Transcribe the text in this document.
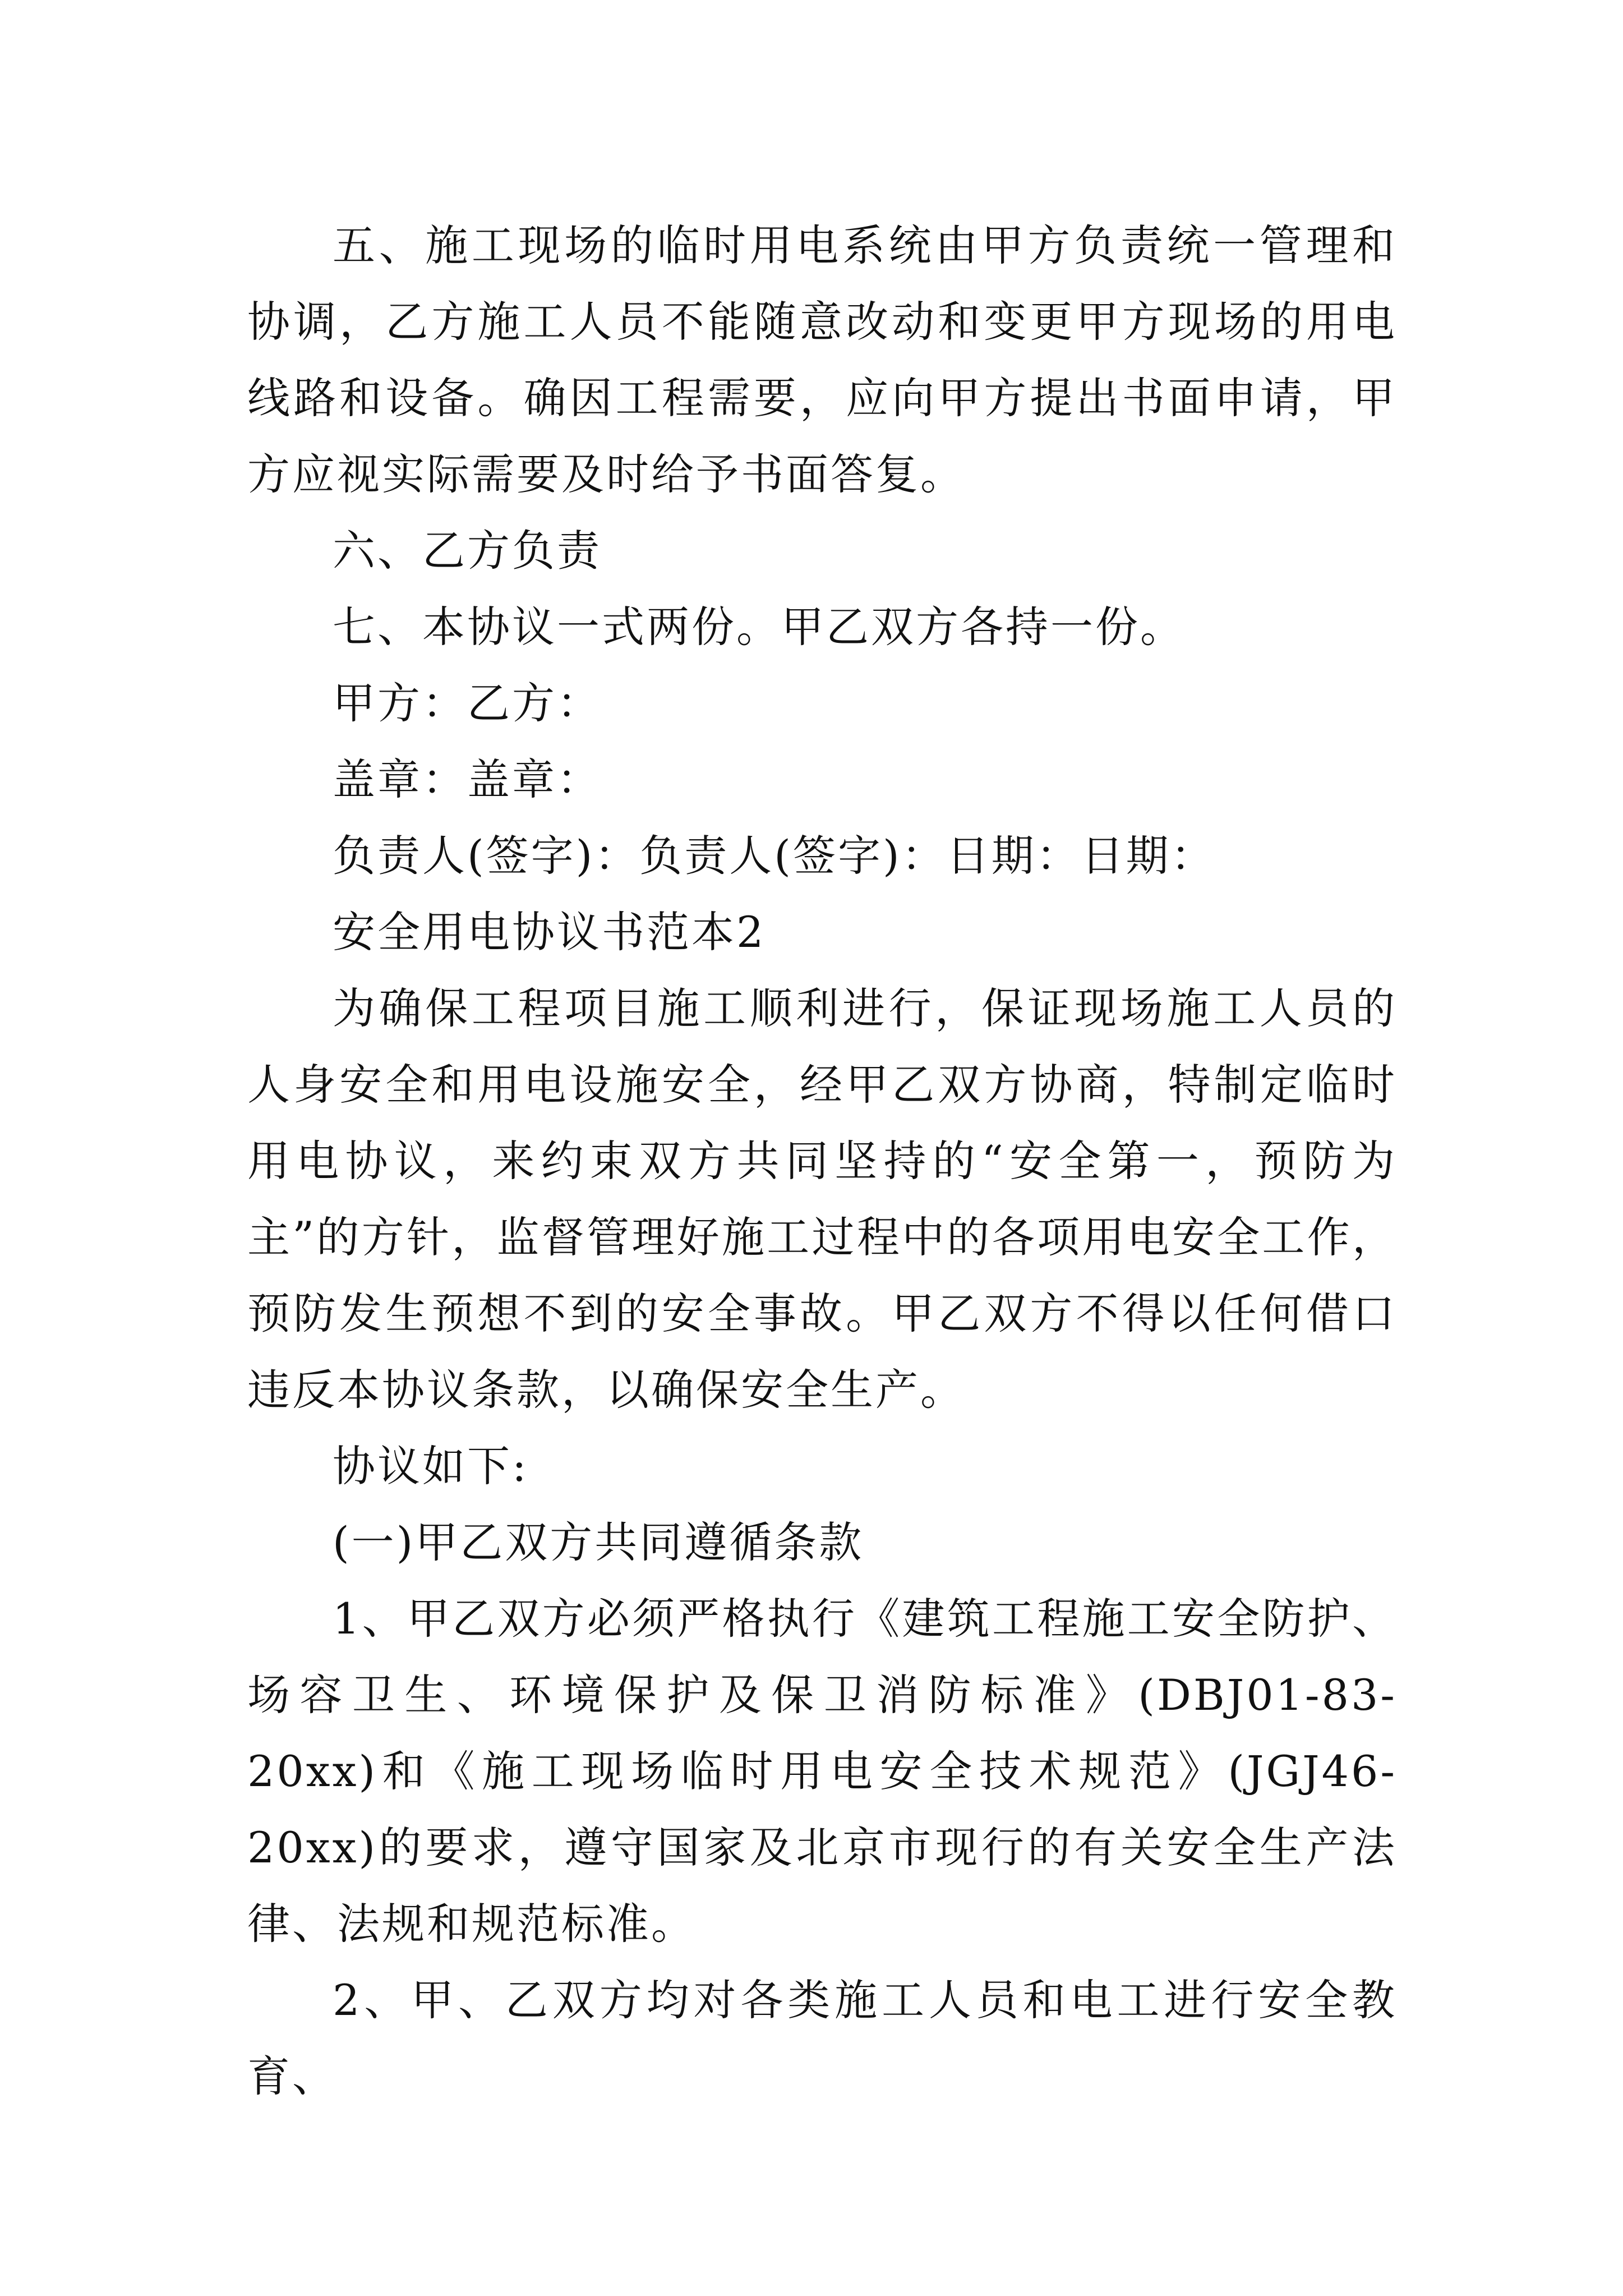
五、施工现场的临时用电系统由甲方负责统一管理和协调，乙方施工人员不能随意改动和变更甲方现场的用电线路和设备。确因工程需要，应向甲方提出书面申请，甲方应视实际需要及时给予书面答复。

六、乙方负责

七、本协议一式两份。甲乙双方各持一份。

甲方：乙方：

盖章：盖章：

负责人(签字)：负责人(签字)：日期：日期：

安全用电协议书范本2

为确保工程项目施工顺利进行，保证现场施工人员的人身安全和用电设施安全，经甲乙双方协商，特制定临时用电协议，来约束双方共同坚持的“安全第一，预防为主”的方针，监督管理好施工过程中的各项用电安全工作，预防发生预想不到的安全事故。甲乙双方不得以任何借口违反本协议条款，以确保安全生产。

协议如下:

(一)甲乙双方共同遵循条款

1、甲乙双方必须严格执行《建筑工程施工安全防护、场容卫生、环境保护及保卫消防标准》(DBJ01-83-20xx)和《施工现场临时用电安全技术规范》(JGJ46-20xx)的要求，遵守国家及北京市现行的有关安全生产法律、法规和规范标准。

2、甲、乙双方均对各类施工人员和电工进行安全教育、
